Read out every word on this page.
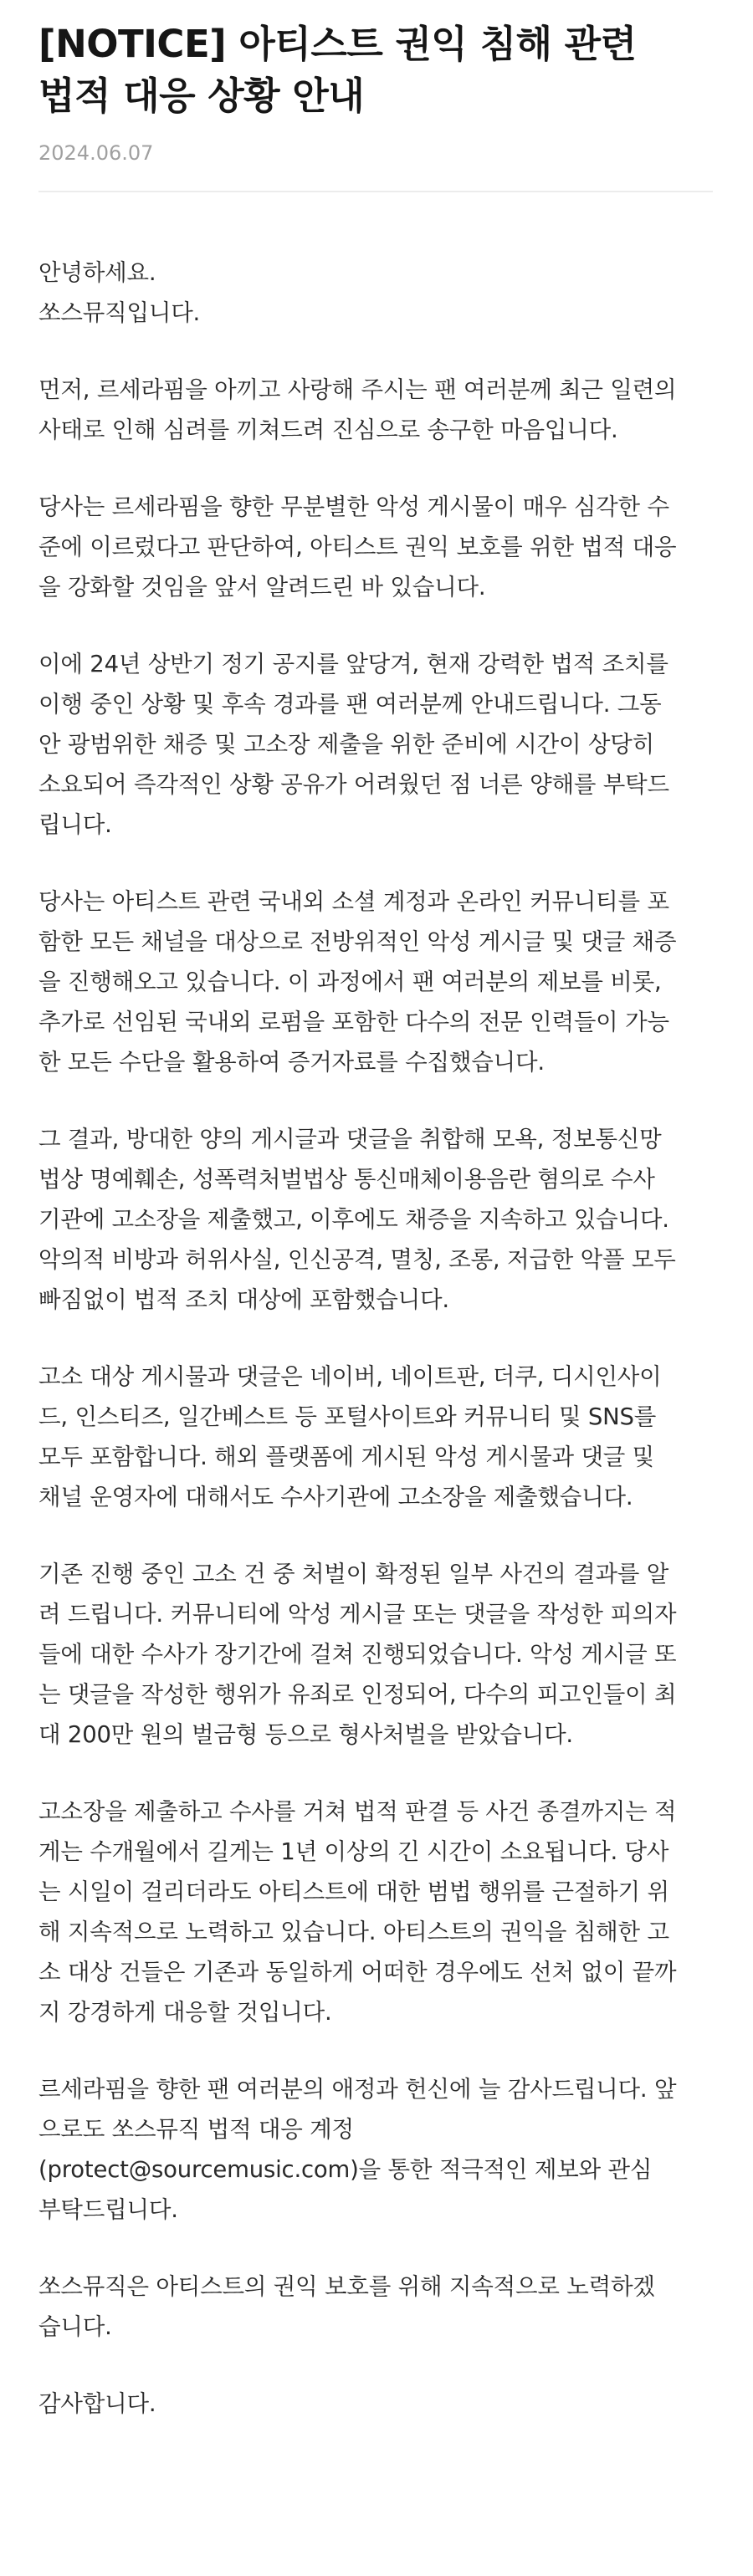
[NOTICE] 아티스트 권익 침해 관련 법적 대응 상황 안내
2024.06.07

안녕하세요.
쏘스뮤직입니다.

먼저, 르세라핌을 아끼고 사랑해 주시는 팬 여러분께 최근 일련의
사태로 인해 심려를 끼쳐드려 진심으로 송구한 마음입니다.

당사는 르세라핌을 향한 무분별한 악성 게시물이 매우 심각한 수
준에 이르렀다고 판단하여, 아티스트 권익 보호를 위한 법적 대응
을 강화할 것임을 앞서 알려드린 바 있습니다.

이에 24년 상반기 정기 공지를 앞당겨, 현재 강력한 법적 조치를
이행 중인 상황 및 후속 경과를 팬 여러분께 안내드립니다. 그동
안 광범위한 채증 및 고소장 제출을 위한 준비에 시간이 상당히
소요되어 즉각적인 상황 공유가 어려웠던 점 너른 양해를 부탁드
립니다.

당사는 아티스트 관련 국내외 소셜 계정과 온라인 커뮤니티를 포
함한 모든 채널을 대상으로 전방위적인 악성 게시글 및 댓글 채증
을 진행해오고 있습니다. 이 과정에서 팬 여러분의 제보를 비롯,
추가로 선임된 국내외 로펌을 포함한 다수의 전문 인력들이 가능
한 모든 수단을 활용하여 증거자료를 수집했습니다.

그 결과, 방대한 양의 게시글과 댓글을 취합해 모욕, 정보통신망
법상 명예훼손, 성폭력처벌법상 통신매체이용음란 혐의로 수사
기관에 고소장을 제출했고, 이후에도 채증을 지속하고 있습니다.
악의적 비방과 허위사실, 인신공격, 멸칭, 조롱, 저급한 악플 모두
빠짐없이 법적 조치 대상에 포함했습니다.

고소 대상 게시물과 댓글은 네이버, 네이트판, 더쿠, 디시인사이
드, 인스티즈, 일간베스트 등 포털사이트와 커뮤니티 및 SNS를
모두 포함합니다. 해외 플랫폼에 게시된 악성 게시물과 댓글 및
채널 운영자에 대해서도 수사기관에 고소장을 제출했습니다.

기존 진행 중인 고소 건 중 처벌이 확정된 일부 사건의 결과를 알
려 드립니다. 커뮤니티에 악성 게시글 또는 댓글을 작성한 피의자
들에 대한 수사가 장기간에 걸쳐 진행되었습니다. 악성 게시글 또
는 댓글을 작성한 행위가 유죄로 인정되어, 다수의 피고인들이 최
대 200만 원의 벌금형 등으로 형사처벌을 받았습니다.

고소장을 제출하고 수사를 거쳐 법적 판결 등 사건 종결까지는 적
게는 수개월에서 길게는 1년 이상의 긴 시간이 소요됩니다. 당사
는 시일이 걸리더라도 아티스트에 대한 범법 행위를 근절하기 위
해 지속적으로 노력하고 있습니다. 아티스트의 권익을 침해한 고
소 대상 건들은 기존과 동일하게 어떠한 경우에도 선처 없이 끝까
지 강경하게 대응할 것입니다.

르세라핌을 향한 팬 여러분의 애정과 헌신에 늘 감사드립니다. 앞
으로도 쏘스뮤직 법적 대응 계정
(protect@sourcemusic.com)을 통한 적극적인 제보와 관심
부탁드립니다.

쏘스뮤직은 아티스트의 권익 보호를 위해 지속적으로 노력하겠
습니다.

감사합니다.
